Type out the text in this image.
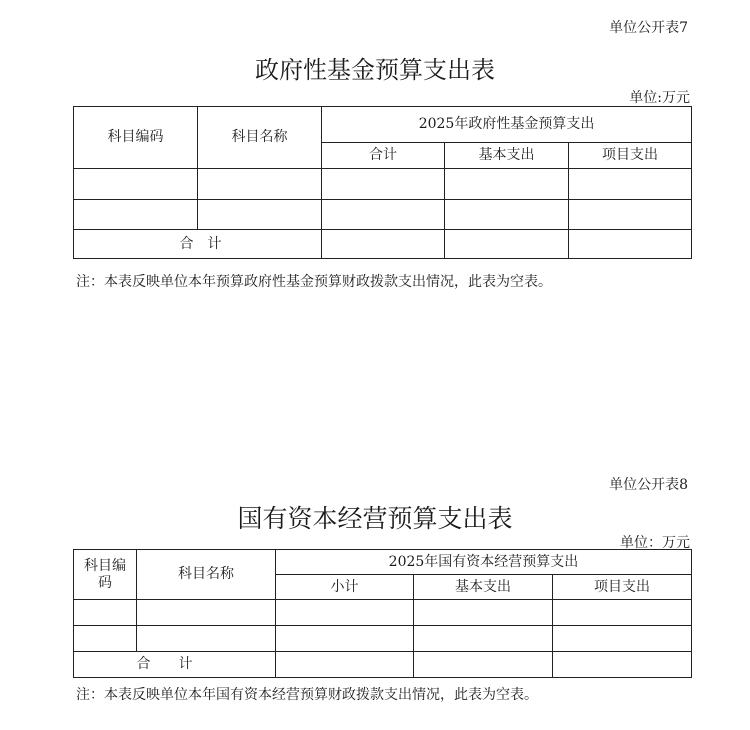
单位公开表7
政府性基金预算支出表
单位:万元
科目编码	科目名称	2025年政府性基金预算支出		
		合计	基本支出	项目支出

合　计				
注：本表反映单位本年预算政府性基金预算财政拨款支出情况，此表为空表。
单位公开表8
国有资本经营预算支出表
单位：万元
科目编码	科目名称	2025年国有资本经营预算支出		
		小计	基本支出	项目支出

合　　计				
注：本表反映单位本年国有资本经营预算财政拨款支出情况，此表为空表。
